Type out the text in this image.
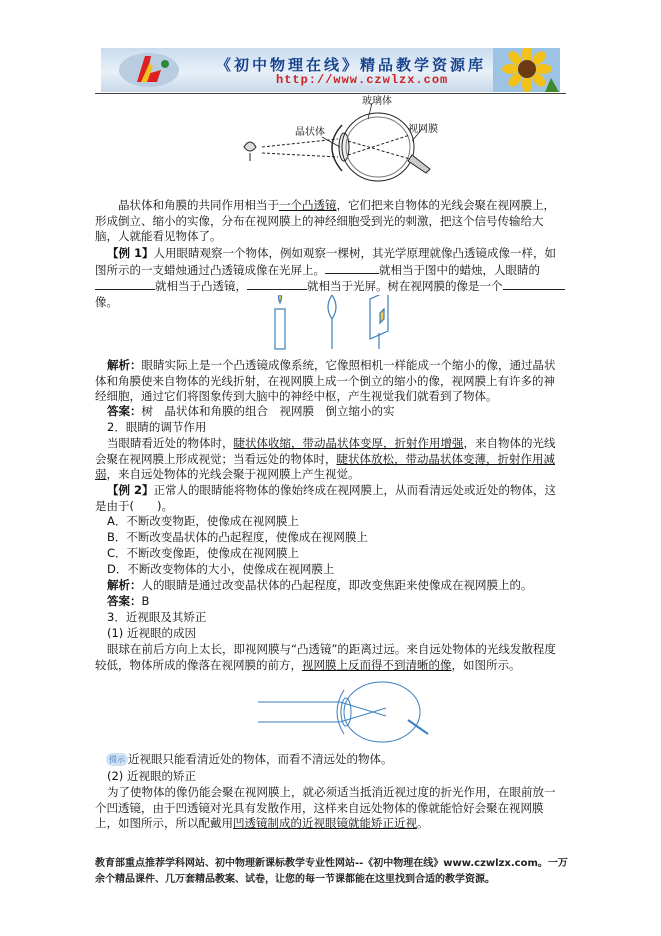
《初中物理在线》精品教学资源库
http://www.czwlzx.com
玻璃体
晶状体	视网膜
晶状体和角膜的共同作用相当于一个凸透镜，它们把来自物体的光线会聚在视网膜上，形成倒立、缩小的实像，分布在视网膜上的神经细胞受到光的刺激，把这个信号传输给大脑，人就能看见物体了。
【例 1】人用眼睛观察一个物体，例如观察一棵树，其光学原理就像凸透镜成像一样，如图所示的一支蜡烛通过凸透镜成像在光屏上。	就相当于图中的蜡烛，人眼睛的就相当于凸透镜，	就相当于光屏。树在视网膜的像是一个像。
解析：眼睛实际上是一个凸透镜成像系统，它像照相机一样能成一个缩小的像，通过晶状体和角膜使来自物体的光线折射，在视网膜上成一个倒立的缩小的像，视网膜上有许多的神经细胞，通过它们将图象传到大脑中的神经中枢，产生视觉我们就看到了物体。
答案：树　晶状体和角膜的组合　视网膜　倒立缩小的实
2．眼睛的调节作用
当眼睛看近处的物体时，睫状体收缩，带动晶状体变厚，折射作用增强，来自物体的光线会聚在视网膜上形成视觉；当看远处的物体时，睫状体放松，带动晶状体变薄，折射作用减弱，来自远处物体的光线会聚于视网膜上产生视觉。
【例 2】正常人的眼睛能将物体的像始终成在视网膜上，从而看清远处或近处的物体，这是由于(　　)。
A．不断改变物距，使像成在视网膜上
B．不断改变晶状体的凸起程度，使像成在视网膜上
C．不断改变像距，使像成在视网膜上
D．不断改变物体的大小，使像成在视网膜上
解析：人的眼睛是通过改变晶状体的凸起程度，即改变焦距来使像成在视网膜上的。
答案：B
3．近视眼及其矫正
(1) 近视眼的成因
眼球在前后方向上太长，即视网膜与“凸透镜”的距离过远。来自远处物体的光线发散程度较低，物体所成的像落在视网膜的前方，视网膜上反而得不到清晰的像，如图所示。
提示 近视眼只能看清近处的物体，而看不清远处的物体。
(2) 近视眼的矫正
为了使物体的像仍能会聚在视网膜上，就必须适当抵消近视过度的折光作用，在眼前放一个凹透镜，由于凹透镜对光具有发散作用，这样来自远处物体的像就能恰好会聚在视网膜上，如图所示，所以配戴用凹透镜制成的近视眼镜就能矫正近视。
教育部重点推荐学科网站、初中物理新课标教学专业性网站--《初中物理在线》www.czwlzx.com。一万余个精品课件、几万套精品教案、试卷，让您的每一节课都能在这里找到合适的教学资源。
